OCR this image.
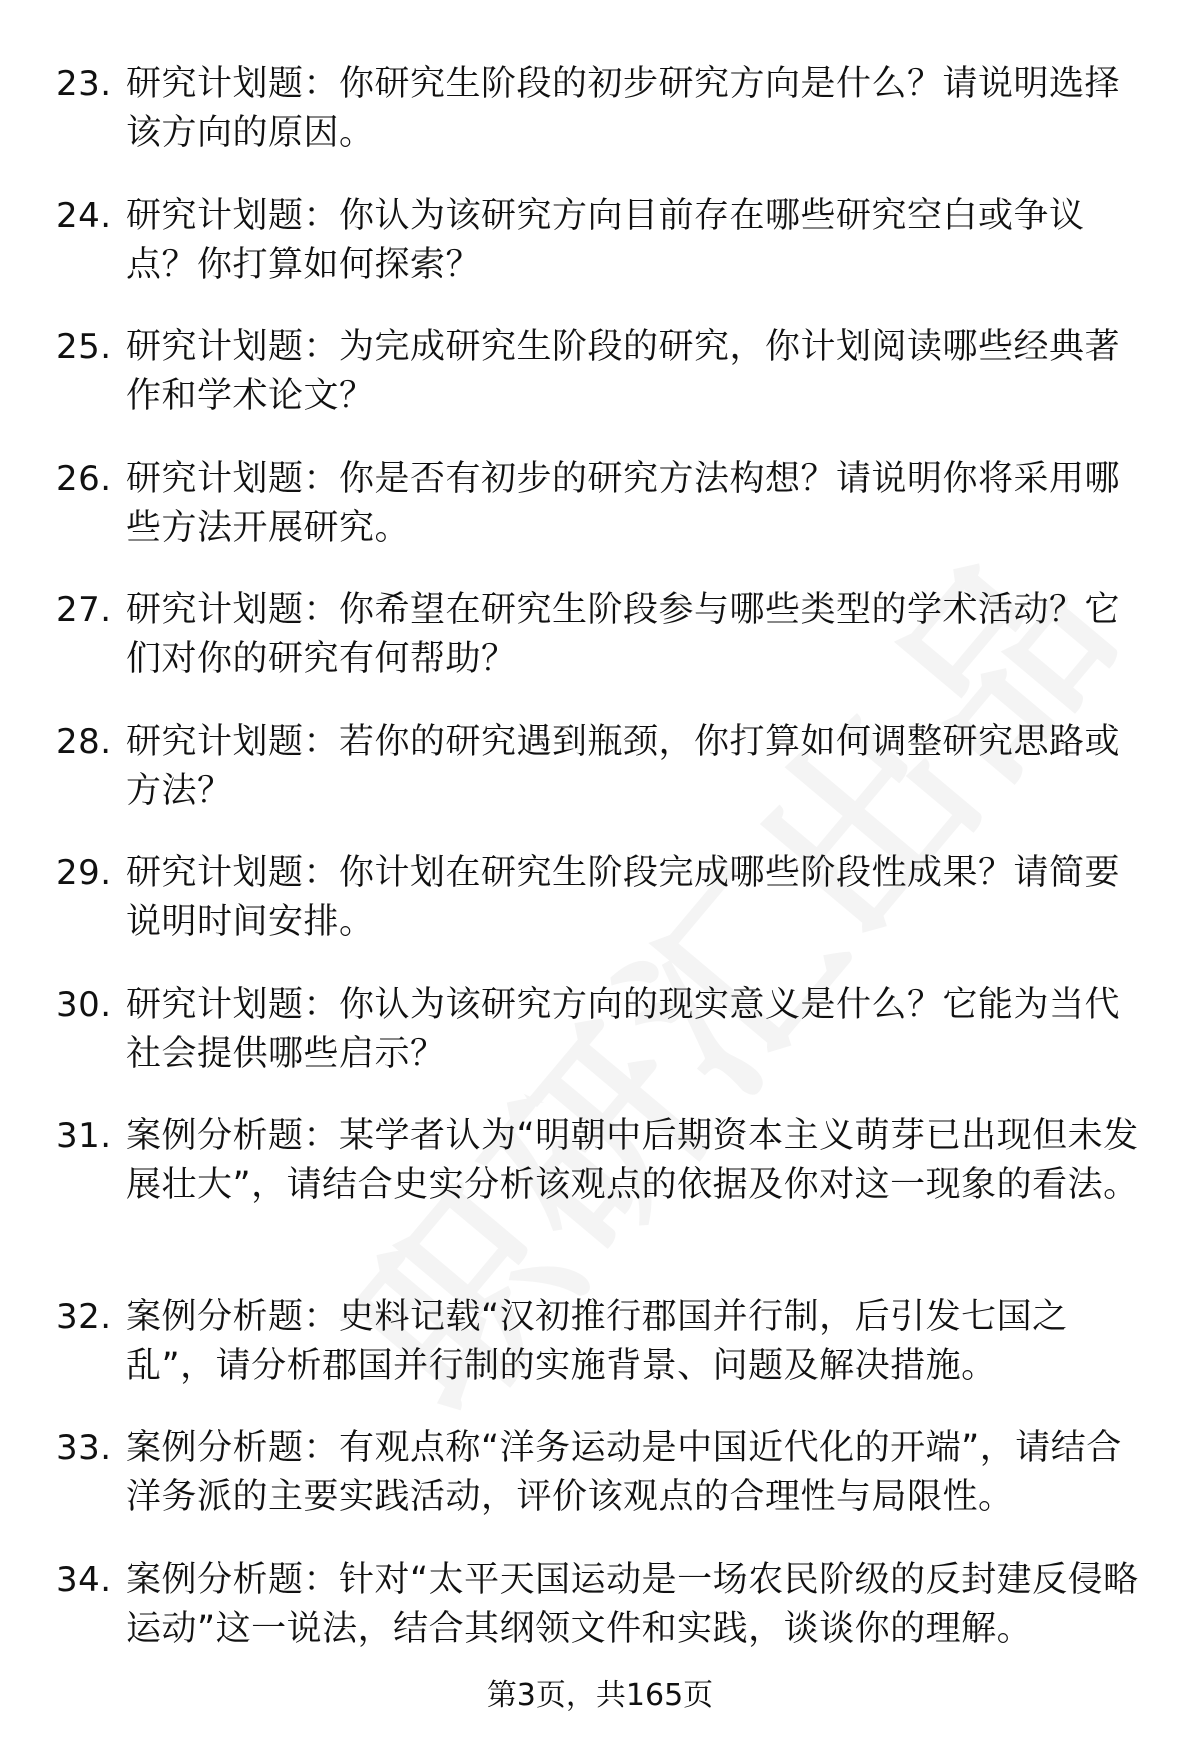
23. 研究计划题：你研究生阶段的初步研究方向是什么？请说明选择该方向的原因。
24. 研究计划题：你认为该研究方向目前存在哪些研究空白或争议点？你打算如何探索？
25. 研究计划题：为完成研究生阶段的研究，你计划阅读哪些经典著作和学术论文？
26. 研究计划题：你是否有初步的研究方法构想？请说明你将采用哪些方法开展研究。
27. 研究计划题：你希望在研究生阶段参与哪些类型的学术活动？它们对你的研究有何帮助？
28. 研究计划题：若你的研究遇到瓶颈，你打算如何调整研究思路或方法？
29. 研究计划题：你计划在研究生阶段完成哪些阶段性成果？请简要说明时间安排。
30. 研究计划题：你认为该研究方向的现实意义是什么？它能为当代社会提供哪些启示？
31. 案例分析题：某学者认为“明朝中后期资本主义萌芽已出现但未发展壮大”，请结合史实分析该观点的依据及你对这一现象的看法。
32. 案例分析题：史料记载“汉初推行郡国并行制，后引发七国之乱”，请分析郡国并行制的实施背景、问题及解决措施。
33. 案例分析题：有观点称“洋务运动是中国近代化的开端”，请结合洋务派的主要实践活动，评价该观点的合理性与局限性。
34. 案例分析题：针对“太平天国运动是一场农民阶级的反封建反侵略运动”这一说法，结合其纲领文件和实践，谈谈你的理解。
第3页，共165页
